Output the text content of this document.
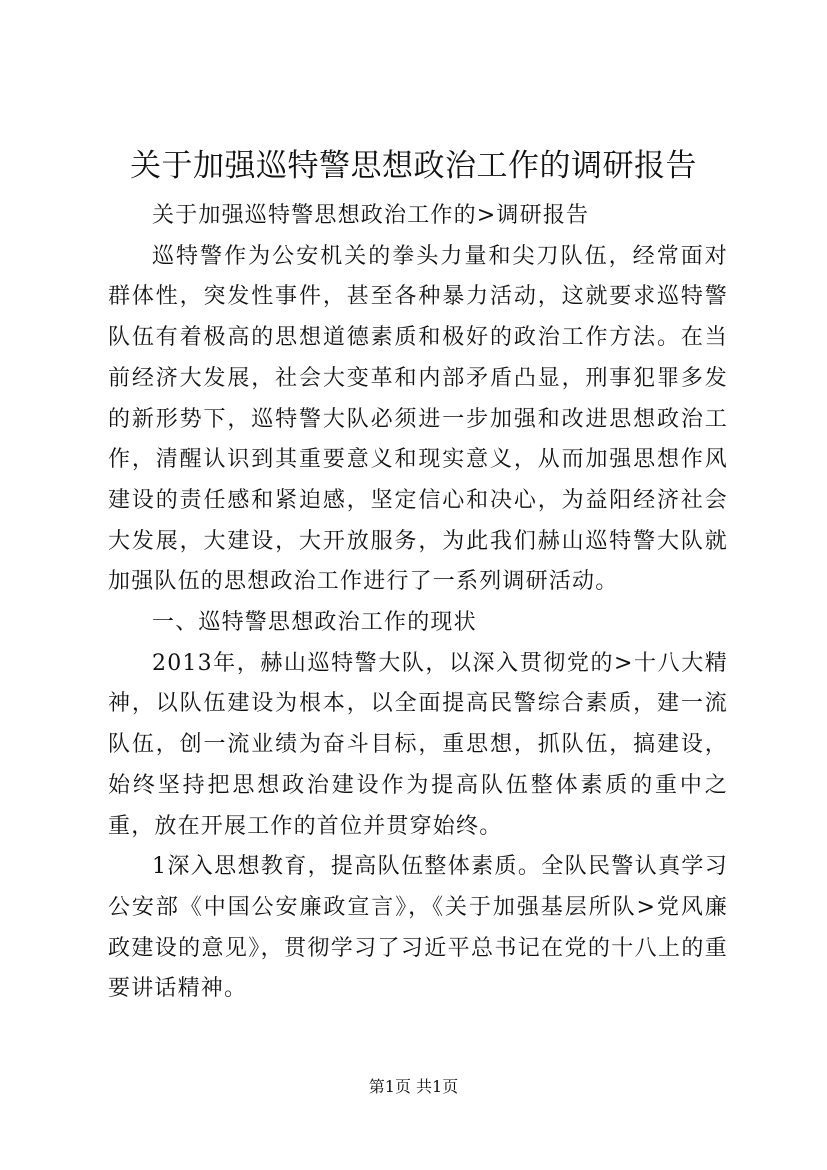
关于加强巡特警思想政治工作的调研报告

关于加强巡特警思想政治工作的>调研报告

巡特警作为公安机关的拳头力量和尖刀队伍，经常面对群体性，突发性事件，甚至各种暴力活动，这就要求巡特警队伍有着极高的思想道德素质和极好的政治工作方法。在当前经济大发展，社会大变革和内部矛盾凸显，刑事犯罪多发的新形势下，巡特警大队必须进一步加强和改进思想政治工作，清醒认识到其重要意义和现实意义，从而加强思想作风建设的责任感和紧迫感，坚定信心和决心，为益阳经济社会大发展，大建设，大开放服务，为此我们赫山巡特警大队就加强队伍的思想政治工作进行了一系列调研活动。

一、巡特警思想政治工作的现状

2013年，赫山巡特警大队，以深入贯彻党的>十八大精神，以队伍建设为根本，以全面提高民警综合素质，建一流队伍，创一流业绩为奋斗目标，重思想，抓队伍，搞建设，始终坚持把思想政治建设作为提高队伍整体素质的重中之重，放在开展工作的首位并贯穿始终。

1深入思想教育，提高队伍整体素质。全队民警认真学习公安部《中国公安廉政宣言》，《关于加强基层所队>党风廉政建设的意见》，贯彻学习了习近平总书记在党的十八上的重要讲话精神。

第1页 共1页
